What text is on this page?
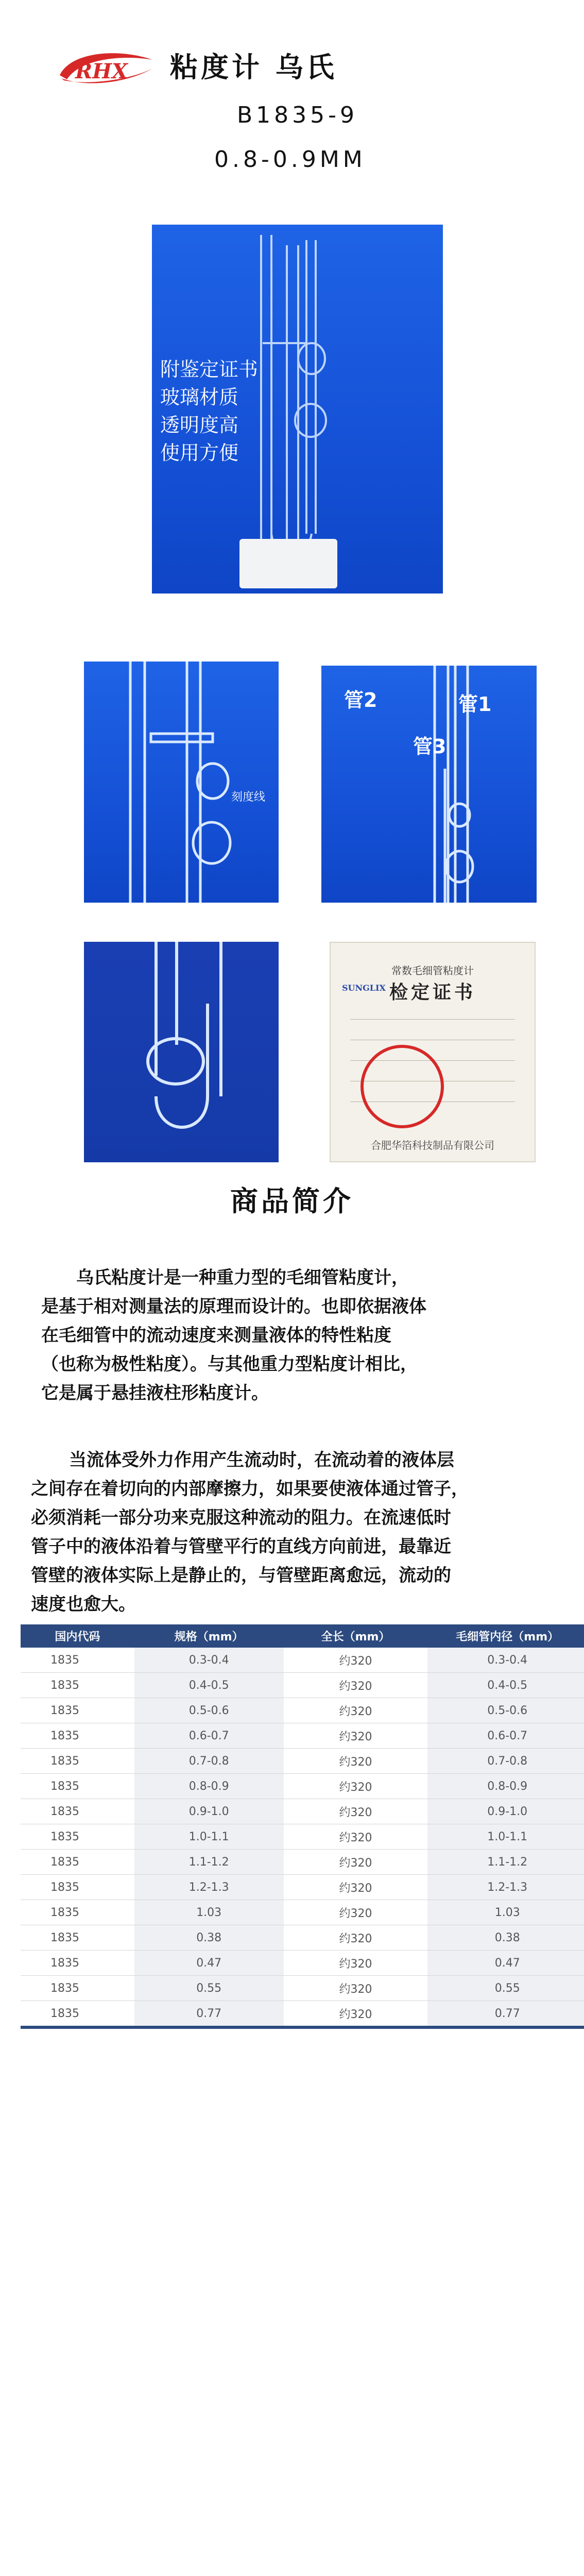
RHX 粘度计 乌氏
B1835-9
0.8-0.9MM
附鉴定证书
玻璃材质
透明度高
使用方便
刻度线
管2	管1
管3
常数毛细管粘度计
检定证书
SUNGLIX
合肥华箔科技制品有限公司
商品简介
乌氏粘度计是一种重力型的毛细管粘度计，
是基于相对测量法的原理而设计的。也即依据液体
在毛细管中的流动速度来测量液体的特性粘度
（也称为极性粘度）。与其他重力型粘度计相比，
它是属于悬挂液柱形粘度计。
当流体受外力作用产生流动时，在流动着的液体层
之间存在着切向的内部摩擦力，如果要使液体通过管子，
必须消耗一部分功来克服这种流动的阻力。在流速低时
管子中的液体沿着与管壁平行的直线方向前进，最靠近
管壁的液体实际上是静止的，与管壁距离愈远，流动的
速度也愈大。
国内代码	规格（mm）	全长（mm）	毛细管内径（mm）
1835	0.3-0.4	约320	0.3-0.4
1835	0.4-0.5	约320	0.4-0.5
1835	0.5-0.6	约320	0.5-0.6
1835	0.6-0.7	约320	0.6-0.7
1835	0.7-0.8	约320	0.7-0.8
1835	0.8-0.9	约320	0.8-0.9
1835	0.9-1.0	约320	0.9-1.0
1835	1.0-1.1	约320	1.0-1.1
1835	1.1-1.2	约320	1.1-1.2
1835	1.2-1.3	约320	1.2-1.3
1835	1.03	约320	1.03
1835	0.38	约320	0.38
1835	0.47	约320	0.47
1835	0.55	约320	0.55
1835	0.77	约320	0.77
